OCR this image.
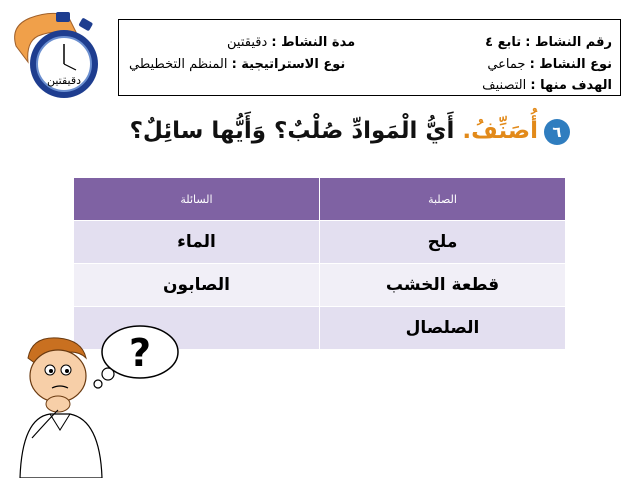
دقيقتين
رقم النشاط : تابع ٤
مدة النشاط : دقيقتين
نوع النشاط : جماعي
نوع الاستراتيجية : المنظم التخطيطي
الهدف منها : التصنيف
٦أُصَنِّفُ. أَيُّ الْمَوادِّ صُلْبٌ؟ وَأَيُّها سائِلٌ؟
الصلبة	السائلة
ملح	الماء
قطعة الخشب	الصابون
الصلصال	
?
